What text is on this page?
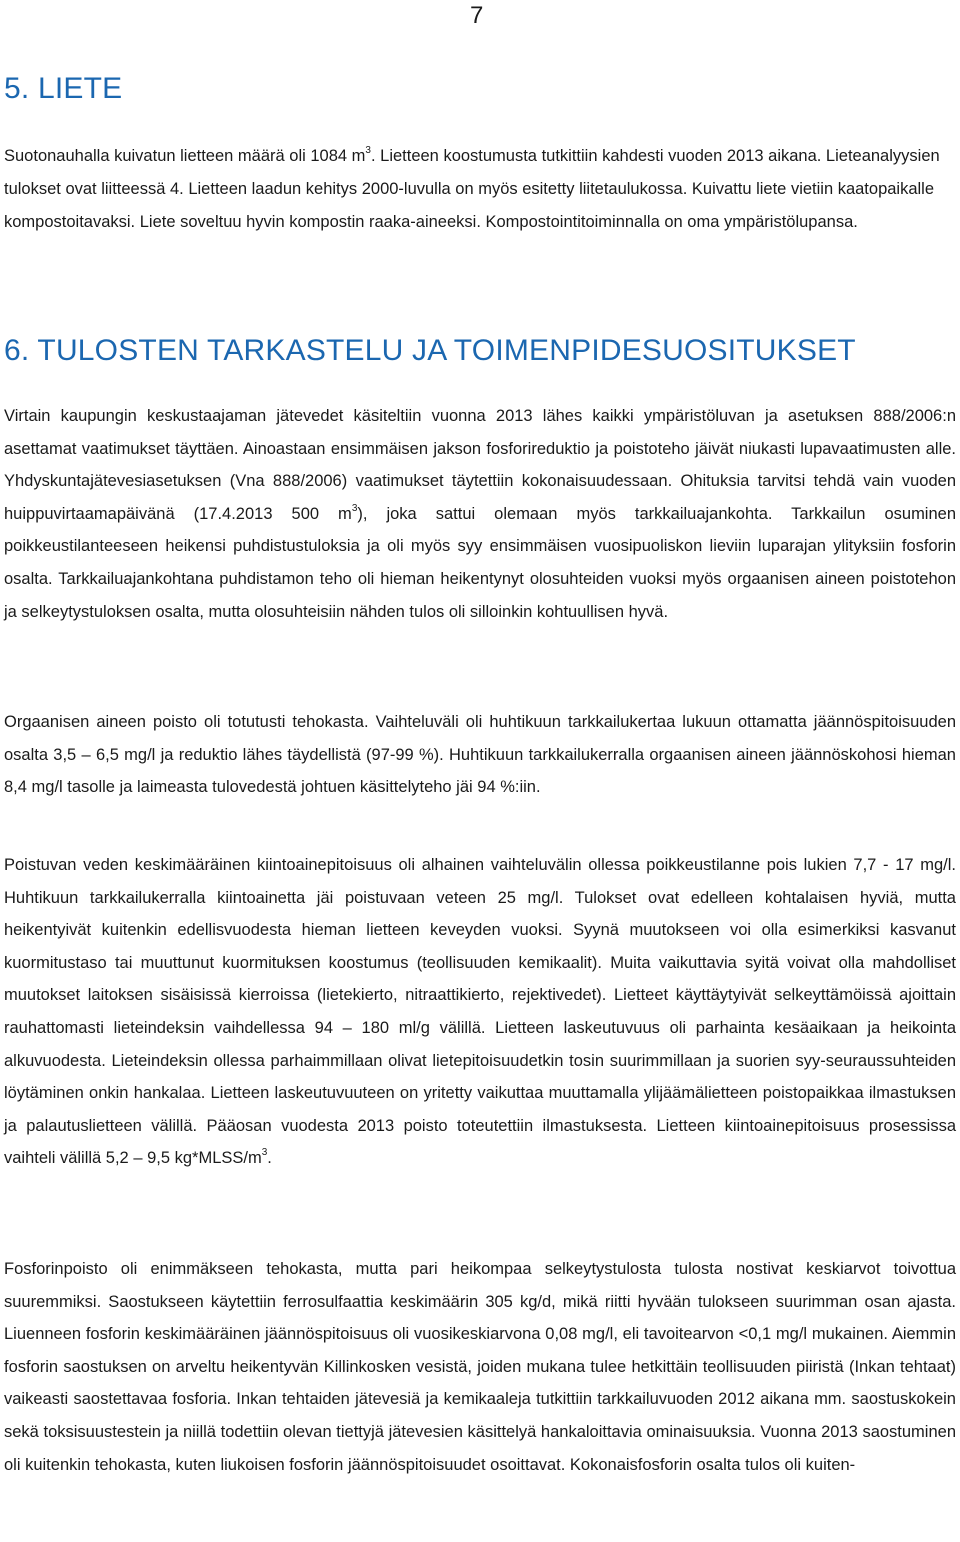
7
5. LIETE

Suotonauhalla kuivatun lietteen määrä oli 1084 $m^3$. Lietteen koostumusta tutkittiin kahdesti vuoden 2013 aikana. Lieteanalyysien tulokset ovat liitteessä 4. Lietteen laadun kehitys 2000-luvulla on myös esitetty liitetaulukossa. Kuivattu liete vietiin kaatopaikalle kompostoitavaksi. Liete soveltuu hyvin kompostin raaka-aineeksi. Kompostointitoiminnalla on oma ympäristölupansa.

6. TULOSTEN TARKASTELU JA TOIMENPIDESUOSITUKSET

Virtain kaupungin keskustaajaman jätevedet käsiteltiin vuonna 2013 lähes kaikki ympäristöluvan ja asetuksen 888/2006:n asettamat vaatimukset täyttäen. Ainoastaan ensimmäisen jakson fosforireduktio ja poistoteho jäivät niukasti lupavaatimusten alle. Yhdyskuntajätevesiasetuksen (Vna 888/2006) vaatimukset täytettiin kokonaisuudessaan. Ohituksia tarvitsi tehdä vain vuoden huippuvirtaamapäivänä (17.4.2013 500 $m^3$), joka sattui olemaan myös tarkkailuajankohta. Tarkkailun osuminen poikkeustilanteeseen heikensi puhdistustuloksia ja oli myös syy ensimmäisen vuosipuoliskon lieviin luparajan ylityksiin fosforin osalta. Tarkkailuajankohtana puhdistamon teho oli hieman heikentynyt olosuhteiden vuoksi myös orgaanisen aineen poistotehon ja selkeytystuloksen osalta, mutta olosuhteisiin nähden tulos oli silloinkin kohtuullisen hyvä.

Orgaanisen aineen poisto oli totutusti tehokasta. Vaihteluväli oli huhtikuun tarkkailukertaa lukuun ottamatta jäännöspitoisuuden osalta 3,5 – 6,5 mg/l ja reduktio lähes täydellistä (97-99 %). Huhtikuun tarkkailukerralla orgaanisen aineen jäännöskohosi hieman 8,4 mg/l tasolle ja laimeasta tulovedestä johtuen käsittelyteho jäi 94 %:iin.

Poistuvan veden keskimääräinen kiintoainepitoisuus oli alhainen vaihteluvälin ollessa poikkeustilanne pois lukien 7,7 - 17 mg/l. Huhtikuun tarkkailukerralla kiintoainetta jäi poistuvaan veteen 25 mg/l. Tulokset ovat edelleen kohtalaisen hyviä, mutta heikentyivät kuitenkin edellisvuodesta hieman lietteen keveyden vuoksi. Syynä muutokseen voi olla esimerkiksi kasvanut kuormitustaso tai muuttunut kuormituksen koostumus (teollisuuden kemikaalit). Muita vaikuttavia syitä voivat olla mahdolliset muutokset laitoksen sisäisissä kierroissa (lietekierto, nitraattikierto, rejektivedet). Lietteet käyttäytyivät selkeyttämöissä ajoittain rauhattomasti lieteindeksin vaihdellessa 94 – 180 ml/g välillä. Lietteen laskeutuvuus oli parhainta kesäaikaan ja heikointa alkuvuodesta. Lieteindeksin ollessa parhaimmillaan olivat lietepitoisuudetkin tosin suurimmillaan ja suorien syy-seuraussuhteiden löytäminen onkin hankalaa. Lietteen laskeutuvuuteen on yritetty vaikuttaa muuttamalla ylijäämälietteen poistopaikkaa ilmastuksen ja palautuslietteen välillä. Pääosan vuodesta 2013 poisto toteutettiin ilmastuksesta. Lietteen kiintoainepitoisuus prosessissa vaihteli välillä 5,2 – 9,5 $kg*MLSS/m^3$.

Fosforinpoisto oli enimmäkseen tehokasta, mutta pari heikompaa selkeytystulosta tulosta nostivat keskiarvot toivottua suuremmiksi. Saostukseen käytettiin ferrosulfaattia keskimäärin 305 kg/d, mikä riitti hyvään tulokseen suurimman osan ajasta. Liuenneen fosforin keskimääräinen jäännöspitoisuus oli vuosikeskiarvona 0,08 mg/l, eli tavoitearvon <0,1 mg/l mukainen. Aiemmin fosforin saostuksen on arveltu heikentyvän Killinkosken vesistä, joiden mukana tulee hetkittäin teollisuuden piiristä (Inkan tehtaat) vaikeasti saostettavaa fosforia. Inkan tehtaiden jätevesiä ja kemikaaleja tutkittiin tarkkailuvuoden 2012 aikana mm. saostuskokein sekä toksisuustestein ja niillä todettiin olevan tiettyjä jätevesien käsittelyä hankaloittavia ominaisuuksia. Vuonna 2013 saostuminen oli kuitenkin tehokasta, kuten liukoisen fosforin jäännöspitoisuudet osoittavat. Kokonaisfosforin osalta tulos oli kuiten-
